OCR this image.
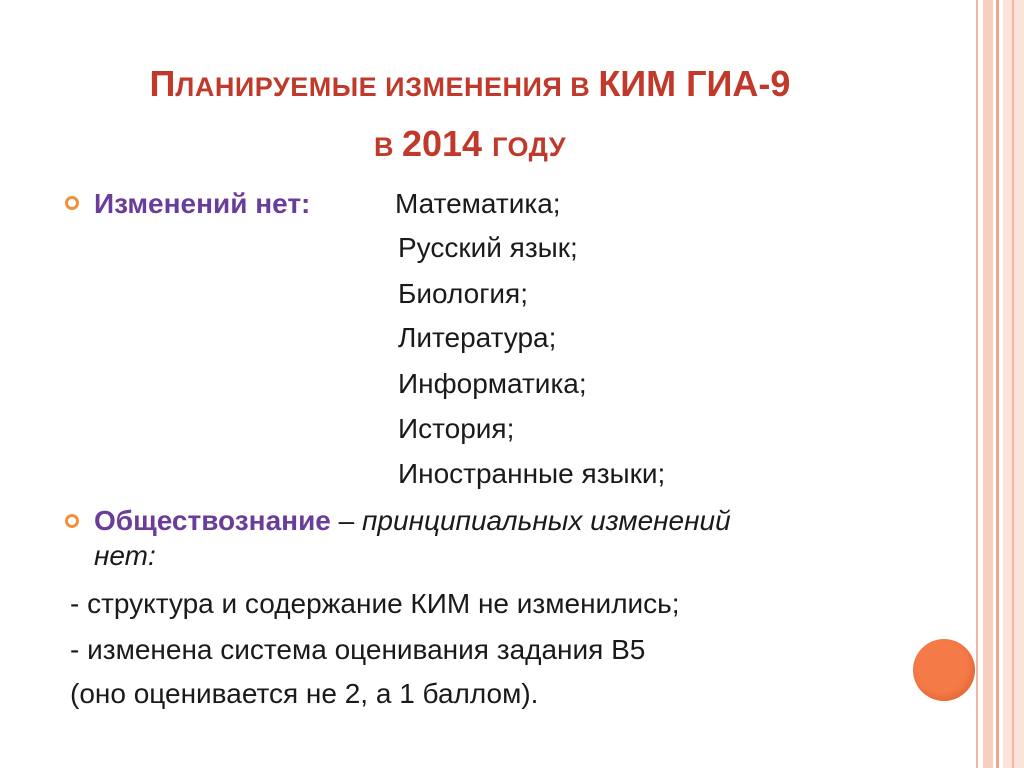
ПЛАНИРУЕМЫЕ ИЗМЕНЕНИЯ В КИМ ГИА-9
В 2014 ГОДУ
Изменений нет:	Математика;
Русский язык;
Биология;
Литература;
Информатика;
История;
Иностранные языки;
Обществознание – принципиальных изменений
нет:
- структура и содержание КИМ не изменились;
- изменена система оценивания задания В5
(оно оценивается не 2, а 1 баллом).
